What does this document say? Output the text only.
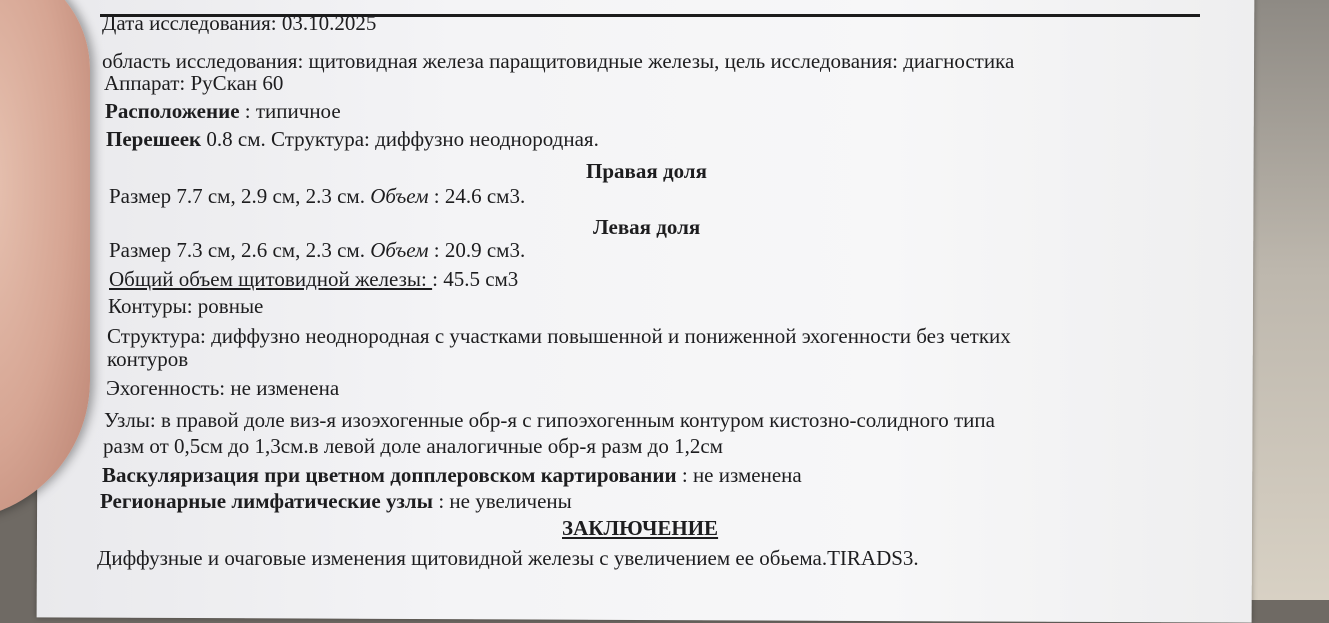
Дата исследования: 03.10.2025
область исследования: щитовидная железа паращитовидные железы, цель исследования: диагностика
Аппарат: РуСкан 60
Расположение : типичное
Перешеек 0.8 см. Структура: диффузно неоднородная.
Правая доля
Размер 7.7 см, 2.9 см, 2.3 см. Объем : 24.6 см3.
Левая доля
Размер 7.3 см, 2.6 см, 2.3 см. Объем : 20.9 см3.
Общий объем щитовидной железы: : 45.5 см3
Контуры: ровные
Структура: диффузно неоднородная с участками повышенной и пониженной эхогенности без четких
контуров
Эхогенность: не изменена
Узлы: в правой доле виз-я изоэхогенные обр-я с гипоэхогенным контуром кистозно-солидного типа
разм от 0,5см до 1,3см.в левой доле аналогичные обр-я разм до 1,2см
Васкуляризация при цветном допплеровском картировании : не изменена
Регионарные лимфатические узлы : не увеличены
ЗАКЛЮЧЕНИЕ
Диффузные и очаговые изменения щитовидной железы с увеличением ее обьема.TIRADS3.
